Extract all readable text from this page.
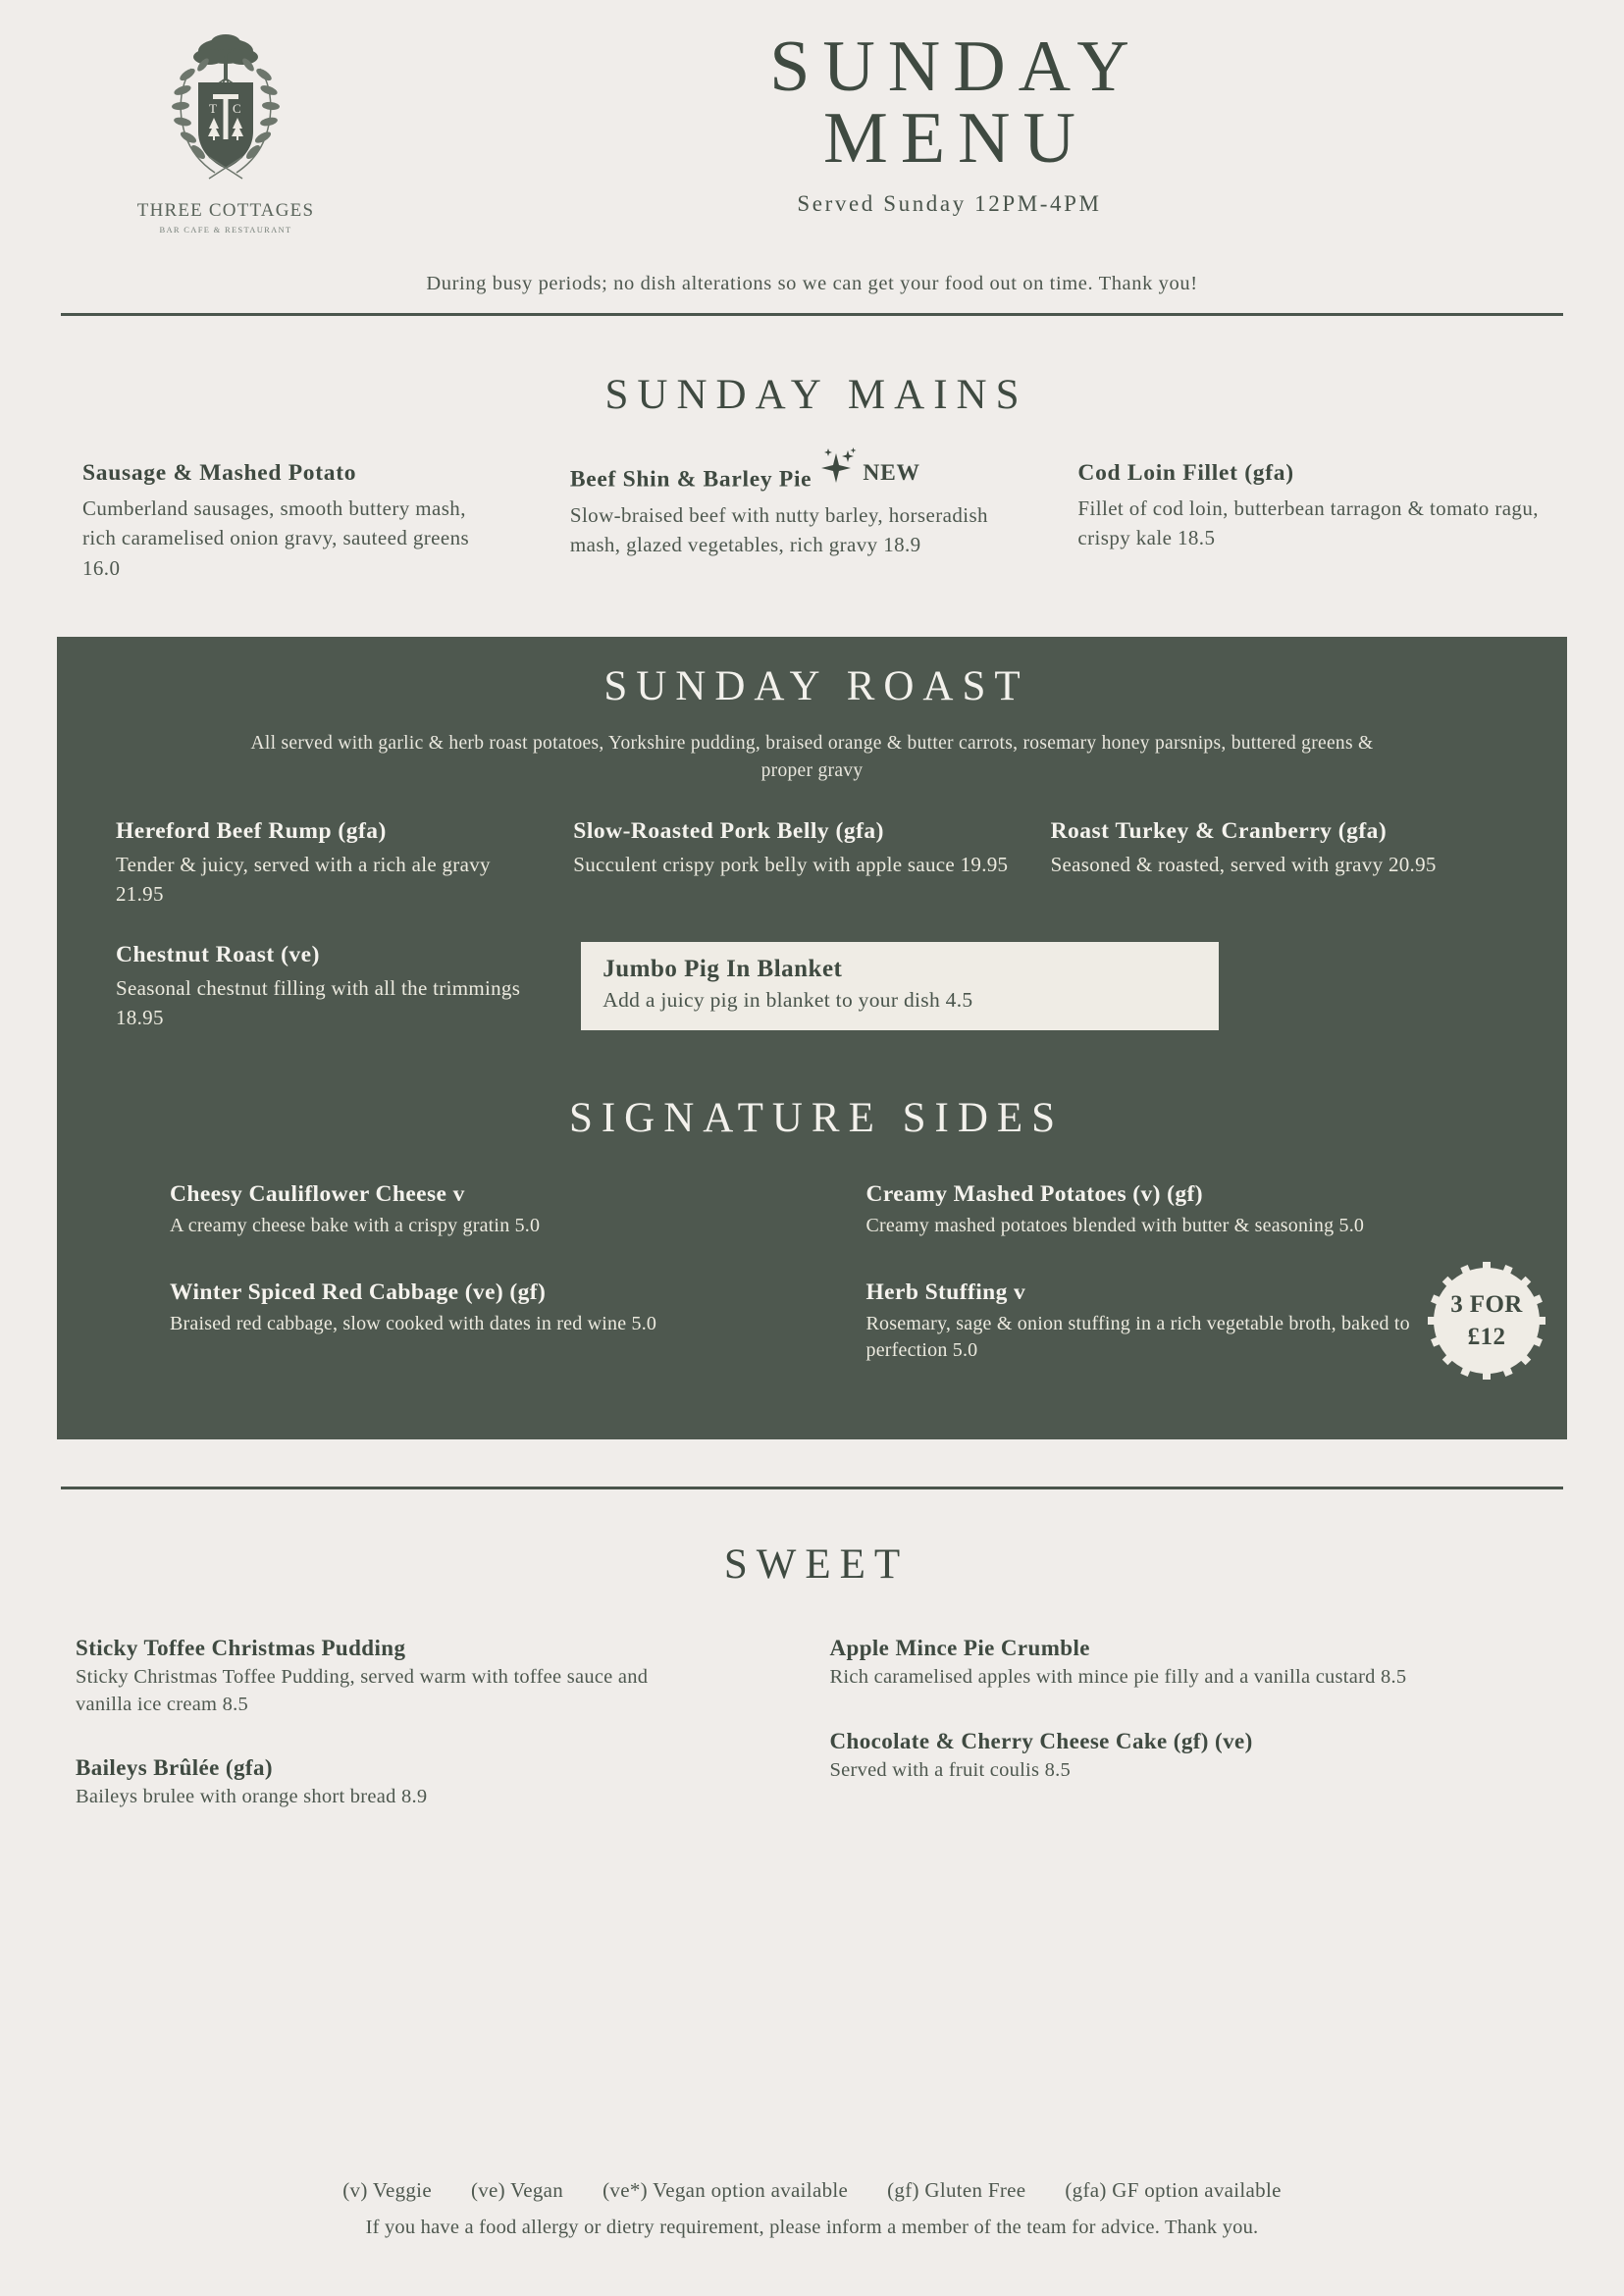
T C
THREE COTTAGES
BAR CAFE & RESTAURANT
SUNDAY
MENU
Served Sunday 12PM-4PM
During busy periods; no dish alterations so we can get your food out on time. Thank you!
SUNDAY MAINS
Sausage & Mashed Potato
Cumberland sausages, smooth buttery mash, rich caramelised onion gravy, sauteed greens 16.0
Beef Shin & Barley Pie NEW
Slow-braised beef with nutty barley, horseradish mash, glazed vegetables, rich gravy 18.9
Cod Loin Fillet (gfa)
Fillet of cod loin, butterbean tarragon & tomato ragu, crispy kale 18.5
SUNDAY ROAST
All served with garlic & herb roast potatoes, Yorkshire pudding, braised orange & butter carrots, rosemary honey parsnips, buttered greens & proper gravy
Hereford Beef Rump (gfa)
Tender & juicy, served with a rich ale gravy 21.95
Slow-Roasted Pork Belly (gfa)
Succulent crispy pork belly with apple sauce 19.95
Roast Turkey & Cranberry (gfa)
Seasoned & roasted, served with gravy 20.95
Chestnut Roast (ve)
Seasonal chestnut filling with all the trimmings 18.95
Jumbo Pig In Blanket
Add a juicy pig in blanket to your dish 4.5
SIGNATURE SIDES
Cheesy Cauliflower Cheese v
A creamy cheese bake with a crispy gratin 5.0
Winter Spiced Red Cabbage (ve) (gf)
Braised red cabbage, slow cooked with dates in red wine 5.0
Creamy Mashed Potatoes (v) (gf)
Creamy mashed potatoes blended with butter & seasoning 5.0
Herb Stuffing v
Rosemary, sage & onion stuffing in a rich vegetable broth, baked to perfection 5.0
3 FOR
£12
SWEET
Sticky Toffee Christmas Pudding
Sticky Christmas Toffee Pudding, served warm with toffee sauce and vanilla ice cream 8.5
Baileys Brûlée (gfa)
Baileys brulee with orange short bread 8.9
Apple Mince Pie Crumble
Rich caramelised apples with mince pie filly and a vanilla custard 8.5
Chocolate & Cherry Cheese Cake (gf) (ve)
Served with a fruit coulis 8.5
(v) Veggie (ve) Vegan (ve*) Vegan option available (gf) Gluten Free (gfa) GF option available
If you have a food allergy or dietry requirement, please inform a member of the team for advice. Thank you.
